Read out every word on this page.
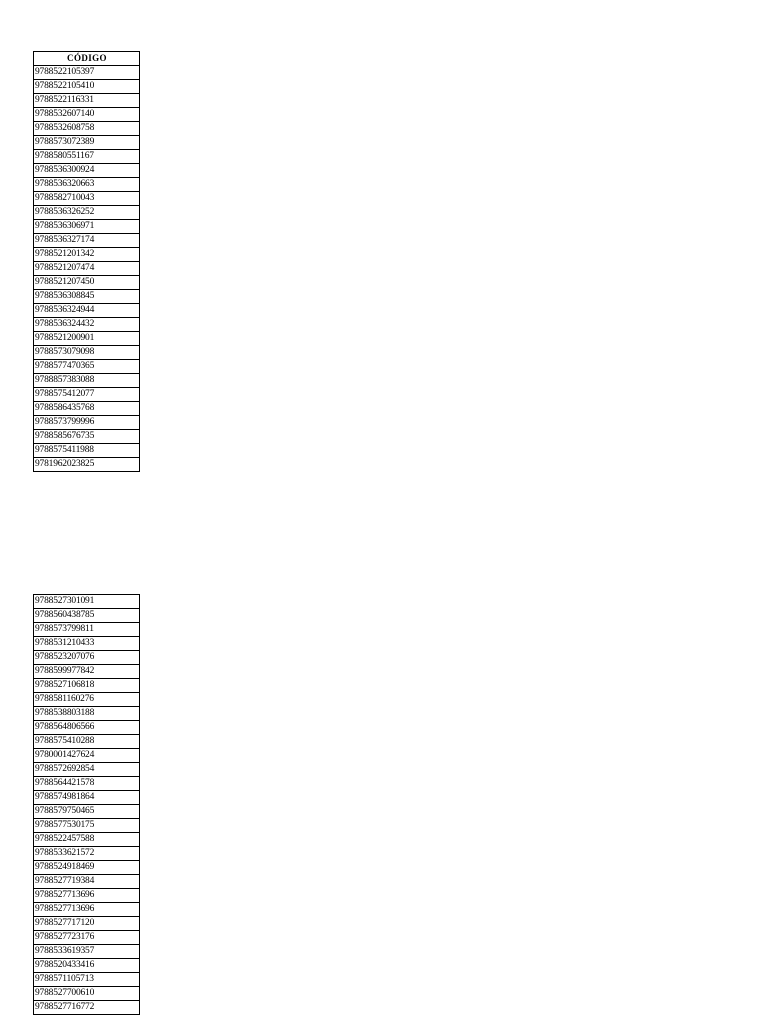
CÓDIGO
9788522105397
9788522105410
9788522116331
9788532607140
9788532608758
9788573072389
9788580551167
9788536300924
9788536320663
9788582710043
9788536326252
9788536306971
9788536327174
9788521201342
9788521207474
9788521207450
9788536308845
9788536324944
9788536324432
9788521200901
9788573079098
9788577470365
9788857383088
9788575412077
9788586435768
9788573799996
9788585676735
9788575411988
9781962023825
9788527301091
9788560438785
9788573799811
9788531210433
9788523207076
9788599977842
9788527106818
9788581160276
9788538803188
9788564806566
9788575410288
9780001427624
9788572692854
9788564421578
9788574981864
9788579750465
9788577530175
9788522457588
9788533621572
9788524918469
9788527719384
9788527713696
9788527713696
9788527717120
9788527723176
9788533619357
9788520433416
9788571105713
9788527700610
9788527716772
